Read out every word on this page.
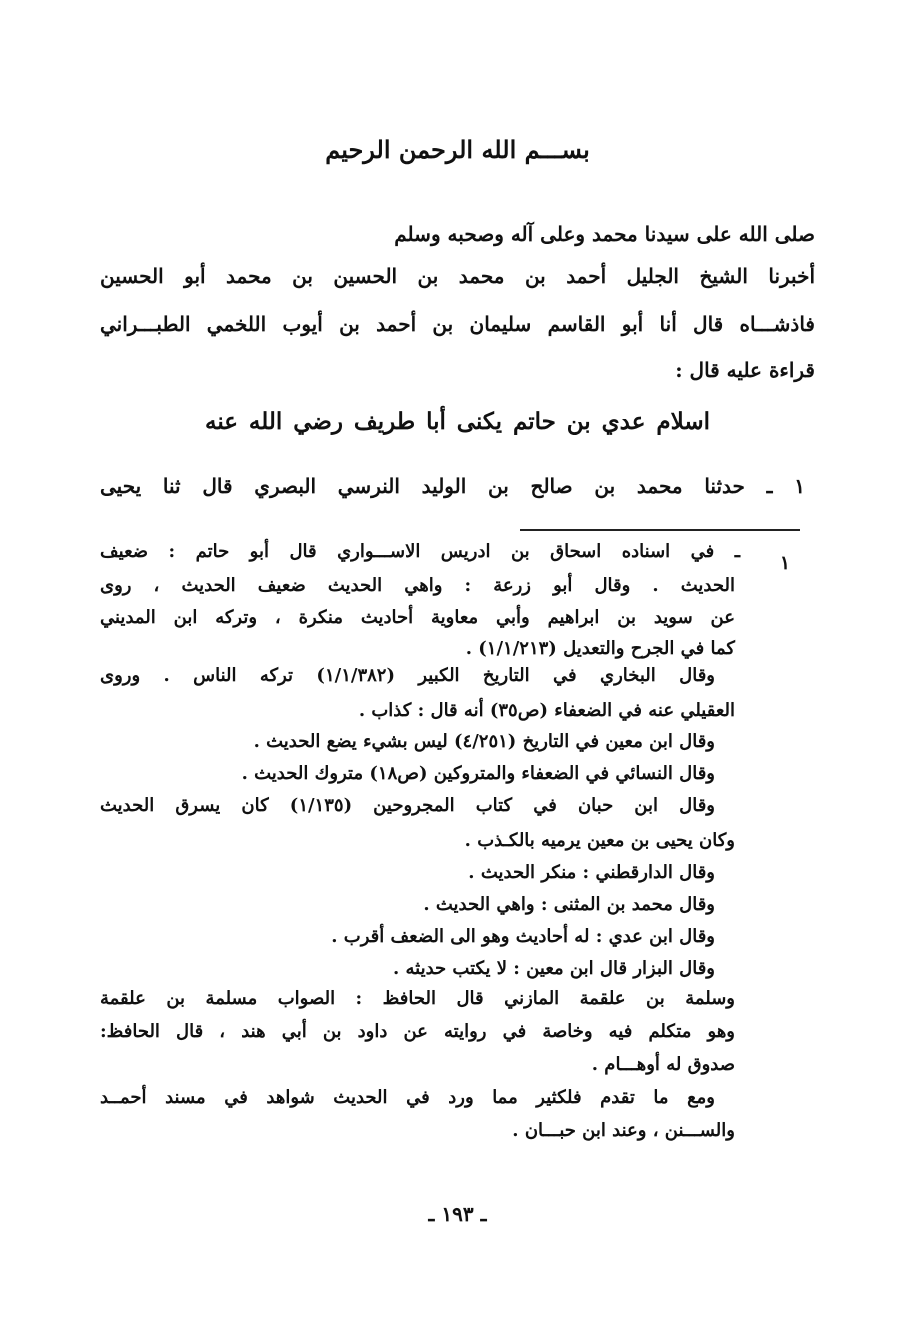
بســـم الله الرحمن الرحيم
صلى الله على سيدنا محمد وعلى آله وصحبه وسلم
أخبرنا الشيخ الجليل أحمد بن محمد بن الحسين بن محمد أبو الحسين
فاذشـــاه قال أنا أبو القاسم سليمان بن أحمد بن أيوب اللخمي الطبـــراني
قراءة عليه قال :
اسلام عدي بن حاتم يكنى أبا طريف رضي الله عنه
١ ـ حدثنا محمد بن صالح بن الوليد النرسي البصري قال ثنا يحيى
١
ـ في اسناده اسحاق بن ادريس الاســـواري قال أبو حاتم : ضعيف
الحديث . وقال أبو زرعة : واهي الحديث ضعيف الحديث ، روى
عن سويد بن ابراهيم وأبي معاوية أحاديث منكرة ، وتركه ابن المديني
كما في الجرح والتعديل (١/١/٢١٣) .
وقال البخاري في التاريخ الكبير (١/١/٣٨٢) تركه الناس . وروى
العقيلي عنه في الضعفاء (ص٣٥) أنه قال : كذاب .
وقال ابن معين في التاريخ (٤/٢٥١) ليس بشيء يضع الحديث .
وقال النسائي في الضعفاء والمتروكين (ص١٨) متروك الحديث .
وقال ابن حبان في كتاب المجروحين (١/١٣٥) كان يسرق الحديث
وكان يحيى بن معين يرميه بالكـذب .
وقال الدارقطني : منكر الحديث .
وقال محمد بن المثنى : واهي الحديث .
وقال ابن عدي : له أحاديث وهو الى الضعف أقرب .
وقال البزار قال ابن معين : لا يكتب حديثه .
وسلمة بن علقمة المازني قال الحافظ : الصواب مسلمة بن علقمة
وهو متكلم فيه وخاصة في روايته عن داود بن أبي هند ، قال الحافظ:
صدوق له أوهـــام .
ومع ما تقدم فلكثير مما ورد في الحديث شواهد في مسند أحمــد
والســـنن ، وعند ابن حبـــان .
ـ ١٩٣ ـ
